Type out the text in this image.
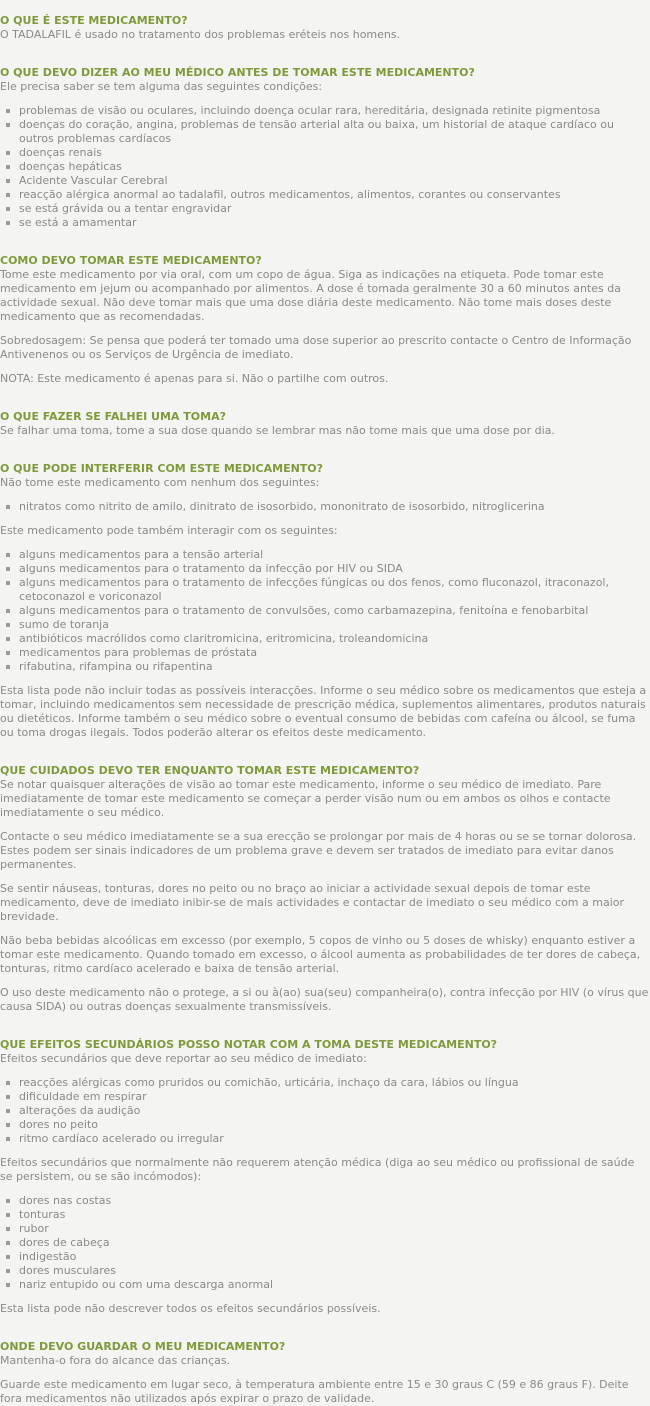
O QUE É ESTE MEDICAMENTO?

O TADALAFIL é usado no tratamento dos problemas eréteis nos homens.

O QUE DEVO DIZER AO MEU MÉDICO ANTES DE TOMAR ESTE MEDICAMENTO?

Ele precisa saber se tem alguma das seguintes condições:

problemas de visão ou oculares, incluindo doença ocular rara, hereditária, designada retinite pigmentosa
doenças do coração, angina, problemas de tensão arterial alta ou baixa, um historial de ataque cardíaco ou outros problemas cardíacos
doenças renais
doenças hepáticas
Acidente Vascular Cerebral
reacção alérgica anormal ao tadalafil, outros medicamentos, alimentos, corantes ou conservantes
se está grávida ou a tentar engravidar
se está a amamentar
COMO DEVO TOMAR ESTE MEDICAMENTO?

Tome este medicamento por via oral, com um copo de água. Siga as indicações na etiqueta. Pode tomar este medicamento em jejum ou acompanhado por alimentos. A dose é tomada geralmente 30 a 60 minutos antes da actividade sexual. Não deve tomar mais que uma dose diária deste medicamento. Não tome mais doses deste medicamento que as recomendadas.

Sobredosagem: Se pensa que poderá ter tomado uma dose superior ao prescrito contacte o Centro de Informação Antivenenos ou os Serviços de Urgência de imediato.

NOTA: Este medicamento é apenas para si. Não o partilhe com outros.

O QUE FAZER SE FALHEI UMA TOMA?

Se falhar uma toma, tome a sua dose quando se lembrar mas não tome mais que uma dose por dia.

O QUE PODE INTERFERIR COM ESTE MEDICAMENTO?

Não tome este medicamento com nenhum dos seguintes:

nitratos como nitrito de amilo, dinitrato de isosorbido, mononitrato de isosorbido, nitroglicerina

Este medicamento pode também interagir com os seguintes:

alguns medicamentos para a tensão arterial
alguns medicamentos para o tratamento da infecção por HIV ou SIDA
alguns medicamentos para o tratamento de infecções fúngicas ou dos fenos, como fluconazol, itraconazol, cetoconazol e voriconazol
alguns medicamentos para o tratamento de convulsões, como carbamazepina, fenitoína e fenobarbital
sumo de toranja
antibióticos macrólidos como claritromicina, eritromicina, troleandomicina
medicamentos para problemas de próstata
rifabutina, rifampina ou rifapentina

Esta lista pode não incluir todas as possíveis interacções. Informe o seu médico sobre os medicamentos que esteja a tomar, incluindo medicamentos sem necessidade de prescrição médica, suplementos alimentares, produtos naturais ou dietéticos. Informe também o seu médico sobre o eventual consumo de bebidas com cafeína ou álcool, se fuma ou toma drogas ilegais. Todos poderão alterar os efeitos deste medicamento.

QUE CUIDADOS DEVO TER ENQUANTO TOMAR ESTE MEDICAMENTO?

Se notar quaisquer alterações de visão ao tomar este medicamento, informe o seu médico de imediato. Pare imediatamente de tomar este medicamento se começar a perder visão num ou em ambos os olhos e contacte imediatamente o seu médico.

Contacte o seu médico imediatamente se a sua erecção se prolongar por mais de 4 horas ou se se tornar dolorosa. Estes podem ser sinais indicadores de um problema grave e devem ser tratados de imediato para evitar danos permanentes.

Se sentir náuseas, tonturas, dores no peito ou no braço ao iniciar a actividade sexual depois de tomar este medicamento, deve de imediato inibir-se de mais actividades e contactar de imediato o seu médico com a maior brevidade.

Não beba bebidas alcoólicas em excesso (por exemplo, 5 copos de vinho ou 5 doses de whisky) enquanto estiver a tomar este medicamento. Quando tomado em excesso, o álcool aumenta as probabilidades de ter dores de cabeça, tonturas, ritmo cardíaco acelerado e baixa de tensão arterial.

O uso deste medicamento não o protege, a si ou à(ao) sua(seu) companheira(o), contra infecção por HIV (o vírus que causa SIDA) ou outras doenças sexualmente transmissíveis.

QUE EFEITOS SECUNDÁRIOS POSSO NOTAR COM A TOMA DESTE MEDICAMENTO?

Efeitos secundários que deve reportar ao seu médico de imediato:

reacções alérgicas como pruridos ou comichão, urticária, inchaço da cara, lábios ou língua
dificuldade em respirar
alterações da audição
dores no peito
ritmo cardíaco acelerado ou irregular

Efeitos secundários que normalmente não requerem atenção médica (diga ao seu médico ou profissional de saúde se persistem, ou se são incómodos):

dores nas costas
tonturas
rubor
dores de cabeça
indigestão
dores musculares
nariz entupido ou com uma descarga anormal

Esta lista pode não descrever todos os efeitos secundários possíveis.

ONDE DEVO GUARDAR O MEU MEDICAMENTO?

Mantenha-o fora do alcance das crianças.

Guarde este medicamento em lugar seco, à temperatura ambiente entre 15 e 30 graus C (59 e 86 graus F). Deite fora medicamentos não utilizados após expirar o prazo de validade.
